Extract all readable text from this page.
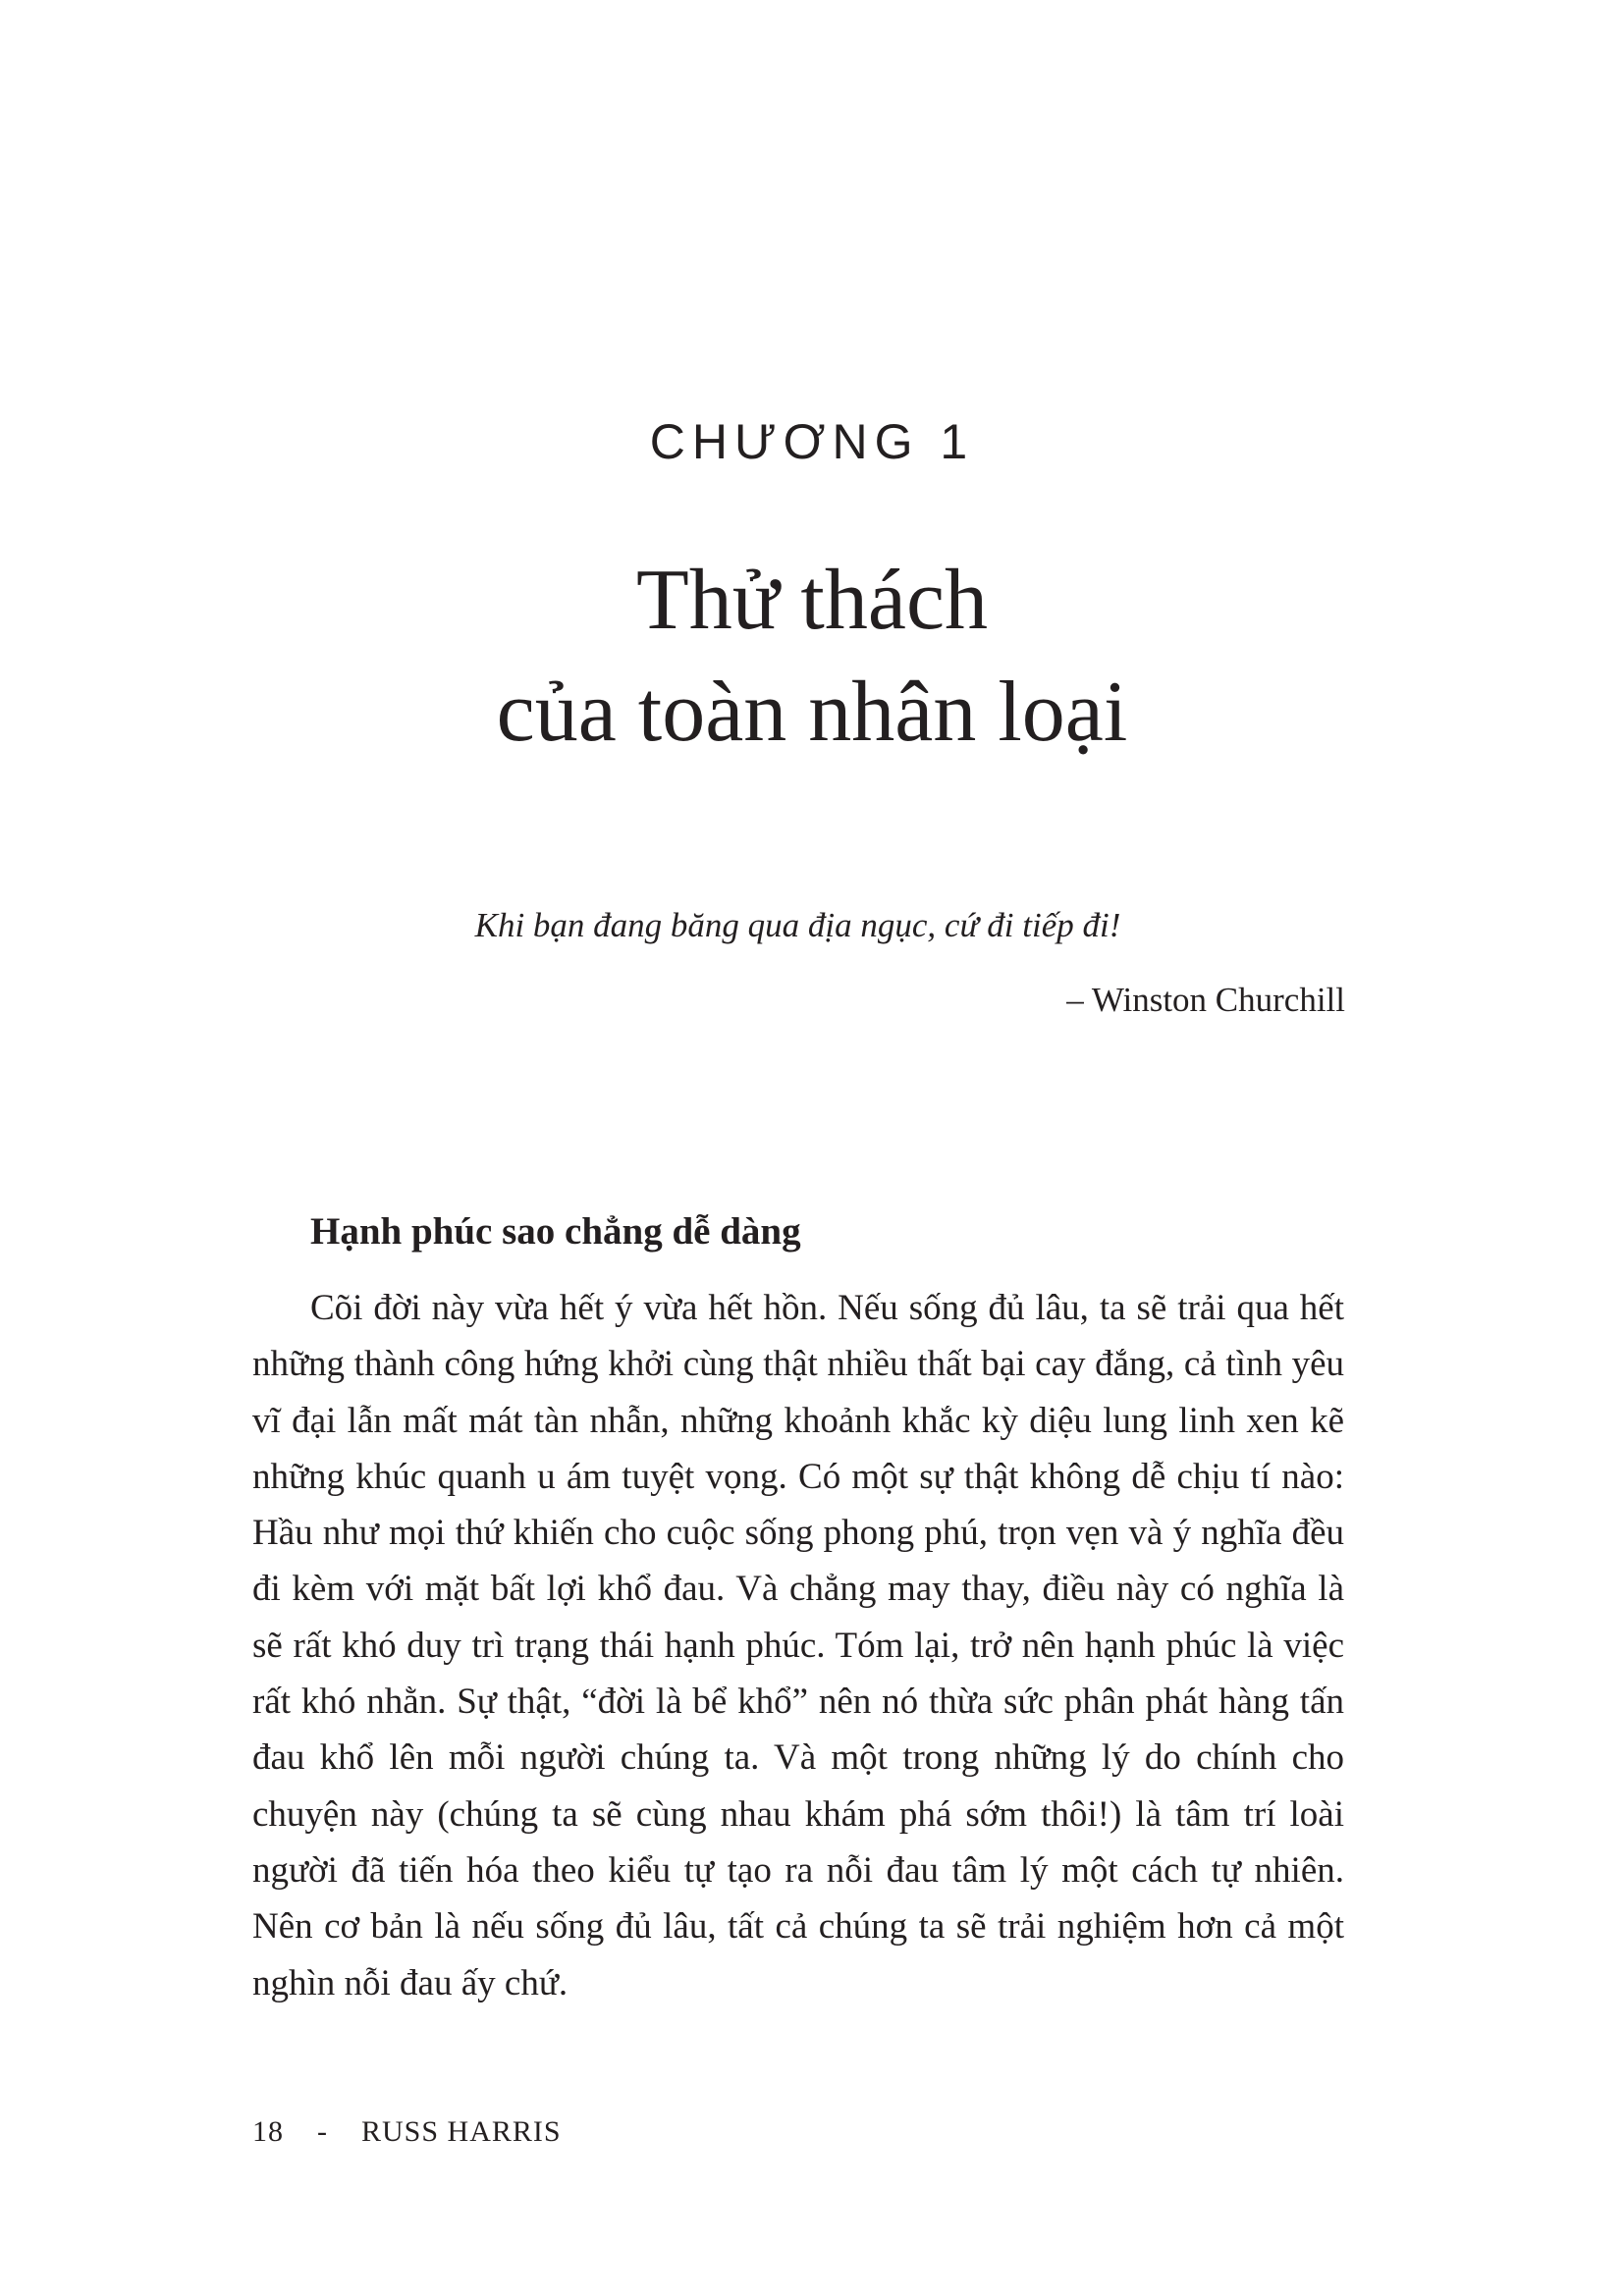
CHƯƠNG 1
Thử thách
của toàn nhân loại
Khi bạn đang băng qua địa ngục, cứ đi tiếp đi!
– Winston Churchill
Hạnh phúc sao chẳng dễ dàng

Cõi đời này vừa hết ý vừa hết hồn. Nếu sống đủ lâu, ta sẽ trải qua hết những thành công hứng khởi cùng thật nhiều thất bại cay đắng, cả tình yêu vĩ đại lẫn mất mát tàn nhẫn, những khoảnh khắc kỳ diệu lung linh xen kẽ những khúc quanh u ám tuyệt vọng. Có một sự thật không dễ chịu tí nào: Hầu như mọi thứ khiến cho cuộc sống phong phú, trọn vẹn và ý nghĩa đều đi kèm với mặt bất lợi khổ đau. Và chẳng may thay, điều này có nghĩa là sẽ rất khó duy trì trạng thái hạnh phúc. Tóm lại, trở nên hạnh phúc là việc rất khó nhằn. Sự thật, “đời là bể khổ” nên nó thừa sức phân phát hàng tấn đau khổ lên mỗi người chúng ta. Và một trong những lý do chính cho chuyện này (chúng ta sẽ cùng nhau khám phá sớm thôi!) là tâm trí loài người đã tiến hóa theo kiểu tự tạo ra nỗi đau tâm lý một cách tự nhiên. Nên cơ bản là nếu sống đủ lâu, tất cả chúng ta sẽ trải nghiệm hơn cả một nghìn nỗi đau ấy chứ.

18 - RUSS HARRIS
